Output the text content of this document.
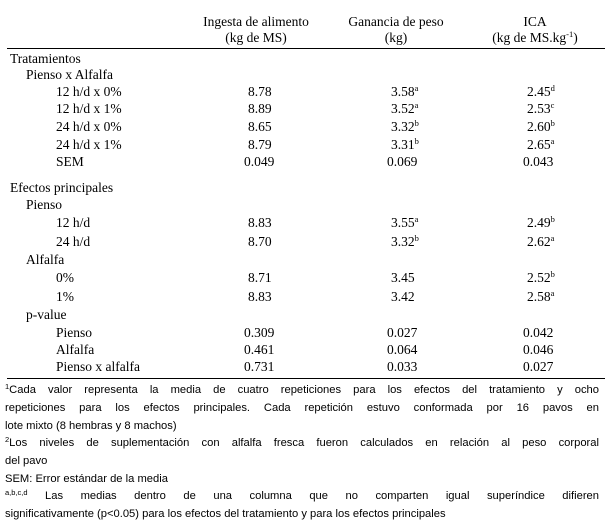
Ingesta de alimento
(kg de MS)
Ganancia de peso
(kg)
ICA
(kg de $MS.kg^{-1}$)
Tratamientos
Pienso x Alfalfa
12 h/d x 0%	8.78	3.58$^a$	2.45$^d$
12 h/d x 1%	8.89	3.52$^a$	2.53$^c$
24 h/d x 0%	8.65	3.32$^b$	2.60$^b$
24 h/d x 1%	8.79	3.31$^b$	2.65$^a$
SEM	0.049	0.069	0.043
Efectos principales
Pienso
12 h/d	8.83	3.55$^a$	2.49$^b$
24 h/d	8.70	3.32$^b$	2.62$^a$
Alfalfa
0%	8.71	3.45	2.52$^b$
1%	8.83	3.42	2.58$^a$
p-value
Pienso	0.309	0.027	0.042
Alfalfa	0.461	0.064	0.046
Pienso x alfalfa	0.731	0.033	0.027
$^1$Cada valor representa la media de cuatro repeticiones para los efectos del tratamiento y ocho
repeticiones para los efectos principales. Cada repetición estuvo conformada por 16 pavos en
lote mixto (8 hembras y 8 machos)
$^2$Los niveles de suplementación con alfalfa fresca fueron calculados en relación al peso corporal
del pavo
SEM: Error estándar de la media
$^{a,b,c,d}$ Las medias dentro de una columna que no comparten igual superíndice difieren
significativamente (p<0.05) para los efectos del tratamiento y para los efectos principales
